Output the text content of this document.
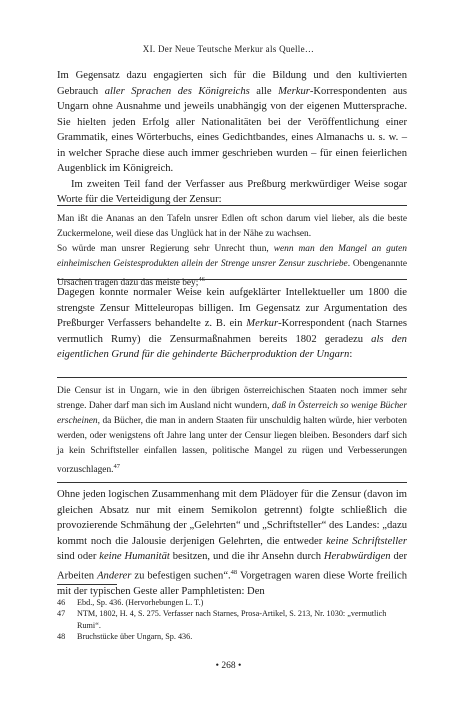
XI. Der Neue Teutsche Merkur als Quelle…

Im Gegensatz dazu engagierten sich für die Bildung und den kultivierten Gebrauch aller Sprachen des Königreichs alle Merkur-Korrespondenten aus Ungarn ohne Ausnahme und jeweils unabhängig von der eigenen Muttersprache. Sie hielten jeden Erfolg aller Nationalitäten bei der Veröffentlichung einer Grammatik, eines Wörterbuchs, eines Gedichtbandes, eines Almanachs u. s. w. – in welcher Sprache diese auch immer geschrieben wurden – für einen feierlichen Augenblick im Königreich.

Im zweiten Teil fand der Verfasser aus Preßburg merkwürdiger Weise sogar Worte für die Verteidigung der Zensur:

Man ißt die Ananas an den Tafeln unsrer Edlen oft schon darum viel lieber, als die beste Zuckermelone, weil diese das Unglück hat in der Nähe zu wachsen.

So würde man unsrer Regierung sehr Unrecht thun, wenn man den Mangel an guten einheimischen Geistesprodukten allein der Strenge unsrer Zensur zuschriebe. Obengenannte Ursachen tragen dazu das meiste bey;$^{46}$

Dagegen konnte normaler Weise kein aufgeklärter Intellektueller um 1800 die strengste Zensur Mitteleuropas billigen. Im Gegensatz zur Argumentation des Preßburger Verfassers behandelte z. B. ein Merkur-Korrespondent (nach Starnes vermutlich Rumy) die Zensurmaßnahmen bereits 1802 geradezu als den eigentlichen Grund für die gehinderte Bücherproduktion der Ungarn:

Die Censur ist in Ungarn, wie in den übrigen österreichischen Staaten noch immer sehr strenge. Daher darf man sich im Ausland nicht wundern, daß in Österreich so wenige Bücher erscheinen, da Bücher, die man in andern Staaten für unschuldig halten würde, hier verboten werden, oder wenigstens oft Jahre lang unter der Censur liegen bleiben. Besonders darf sich ja kein Schriftsteller einfallen lassen, politische Mangel zu rügen und Verbesserungen vorzuschlagen.$^{47}$

Ohne jeden logischen Zusammenhang mit dem Plädoyer für die Zensur (davon im gleichen Absatz nur mit einem Semikolon getrennt) folgte schließlich die provozierende Schmähung der „Gelehrten“ und „Schriftsteller“ des Landes: „dazu kommt noch die Jalousie derjenigen Gelehrten, die entweder keine Schriftsteller sind oder keine Humanität besitzen, und die ihr Ansehn durch Herabwürdigen der Arbeiten Anderer zu befestigen suchen“.$^{48}$ Vorgetragen waren diese Worte freilich mit der typischen Geste aller Pamphletisten: Den

46	Ebd., Sp. 436. (Hervorhebungen L. T.)
47	NTM, 1802, H. 4, S. 275. Verfasser nach Starnes, Prosa-Artikel, S. 213, Nr. 1030: „vermutlich Rumi“.
48	Bruchstücke über Ungarn, Sp. 436.
• 268 •
